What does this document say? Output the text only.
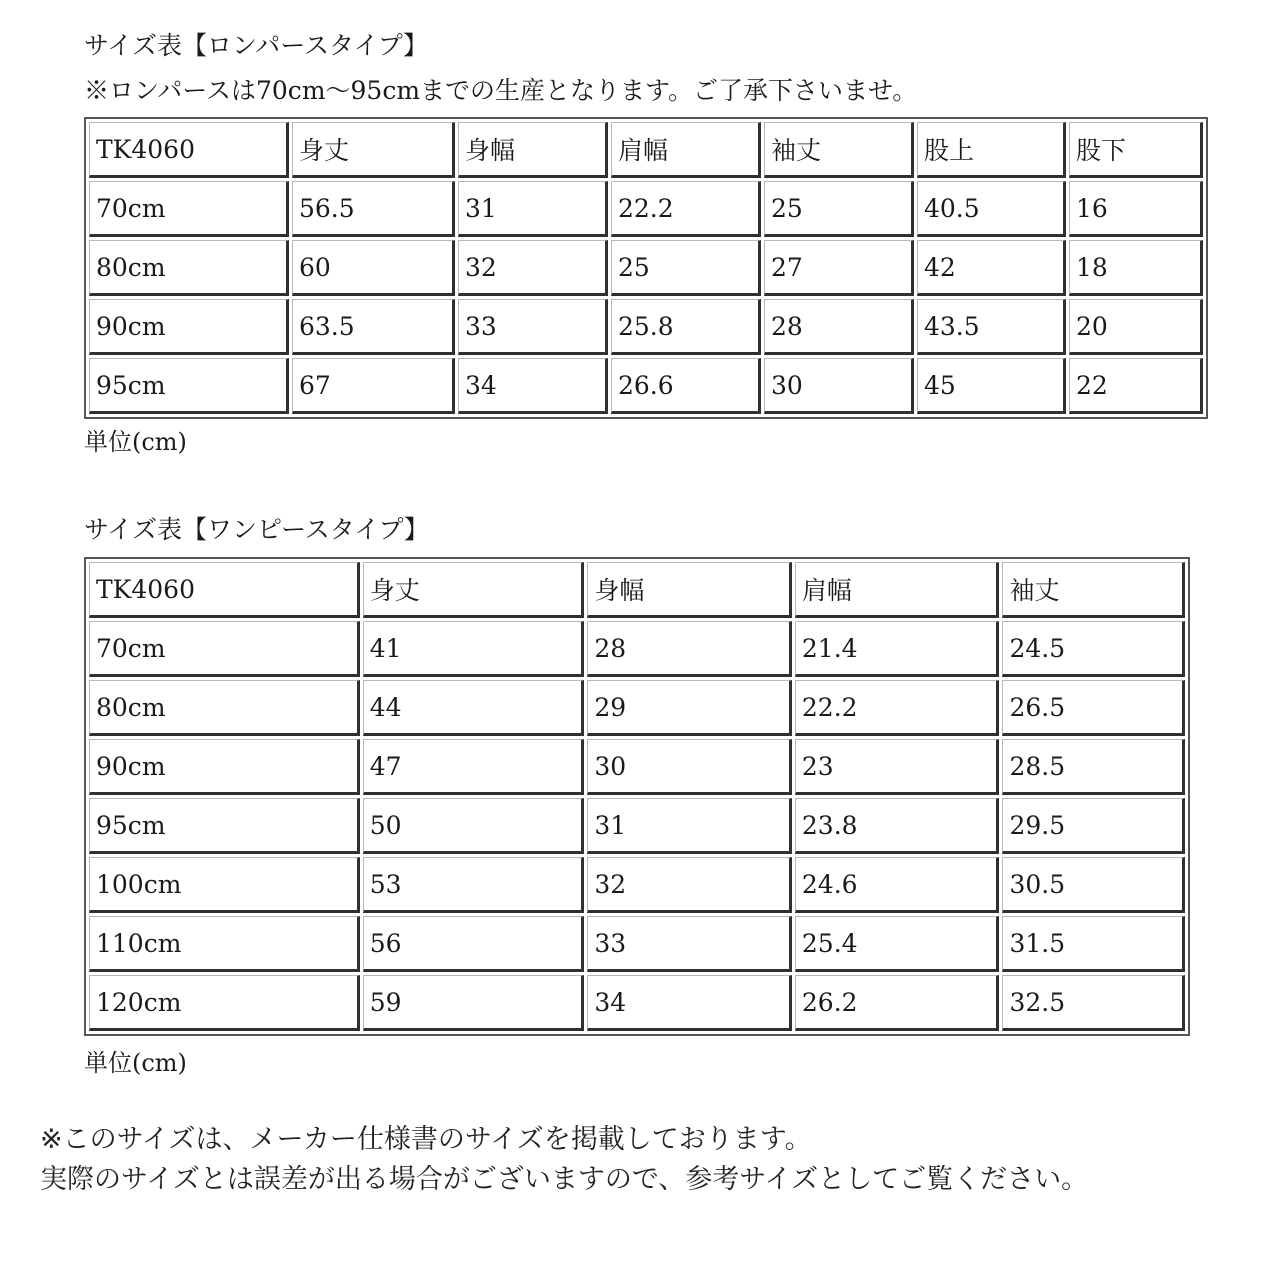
サイズ表【ロンパースタイプ】
※ロンパースは70cm〜95cmまでの生産となります。ご了承下さいませ。
TK4060	身丈	身幅	肩幅	袖丈	股上	股下
70cm	56.5	31	22.2	25	40.5	16
80cm	60	32	25	27	42	18
90cm	63.5	33	25.8	28	43.5	20
95cm	67	34	26.6	30	45	22
単位(cm)
サイズ表【ワンピースタイプ】
TK4060	身丈	身幅	肩幅	袖丈
70cm	41	28	21.4	24.5
80cm	44	29	22.2	26.5
90cm	47	30	23	28.5
95cm	50	31	23.8	29.5
100cm	53	32	24.6	30.5
110cm	56	33	25.4	31.5
120cm	59	34	26.2	32.5
単位(cm)
※このサイズは、メーカー仕様書のサイズを掲載しております。
実際のサイズとは誤差が出る場合がございますので、参考サイズとしてご覧ください。
